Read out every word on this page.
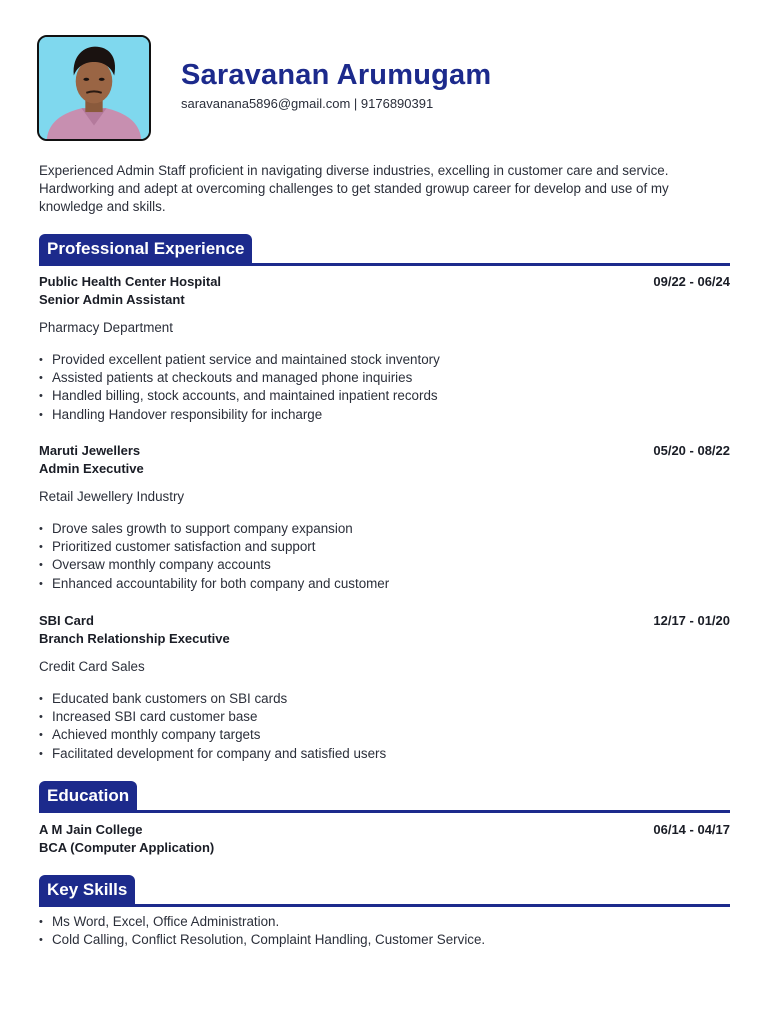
Saravanan Arumugam
saravanana5896@gmail.com | 9176890391
Experienced Admin Staff proficient in navigating diverse industries, excelling in customer care and service. Hardworking and adept at overcoming challenges to get standed growup career for develop and use of my knowledge and skills.
Professional Experience
Public Health Center Hospital	09/22 - 06/24
Senior Admin Assistant
Pharmacy Department
• Provided excellent patient service and maintained stock inventory
• Assisted patients at checkouts and managed phone inquiries
• Handled billing, stock accounts, and maintained inpatient records
• Handling Handover responsibility for incharge
Maruti Jewellers	05/20 - 08/22
Admin Executive
Retail Jewellery Industry
• Drove sales growth to support company expansion
• Prioritized customer satisfaction and support
• Oversaw monthly company accounts
• Enhanced accountability for both company and customer
SBI Card	12/17 - 01/20
Branch Relationship Executive
Credit Card Sales
• Educated bank customers on SBI cards
• Increased SBI card customer base
• Achieved monthly company targets
• Facilitated development for company and satisfied users
Education
A M Jain College	06/14 - 04/17
BCA (Computer Application)
Key Skills
• Ms Word, Excel, Office Administration.
• Cold Calling, Conflict Resolution, Complaint Handling, Customer Service.
